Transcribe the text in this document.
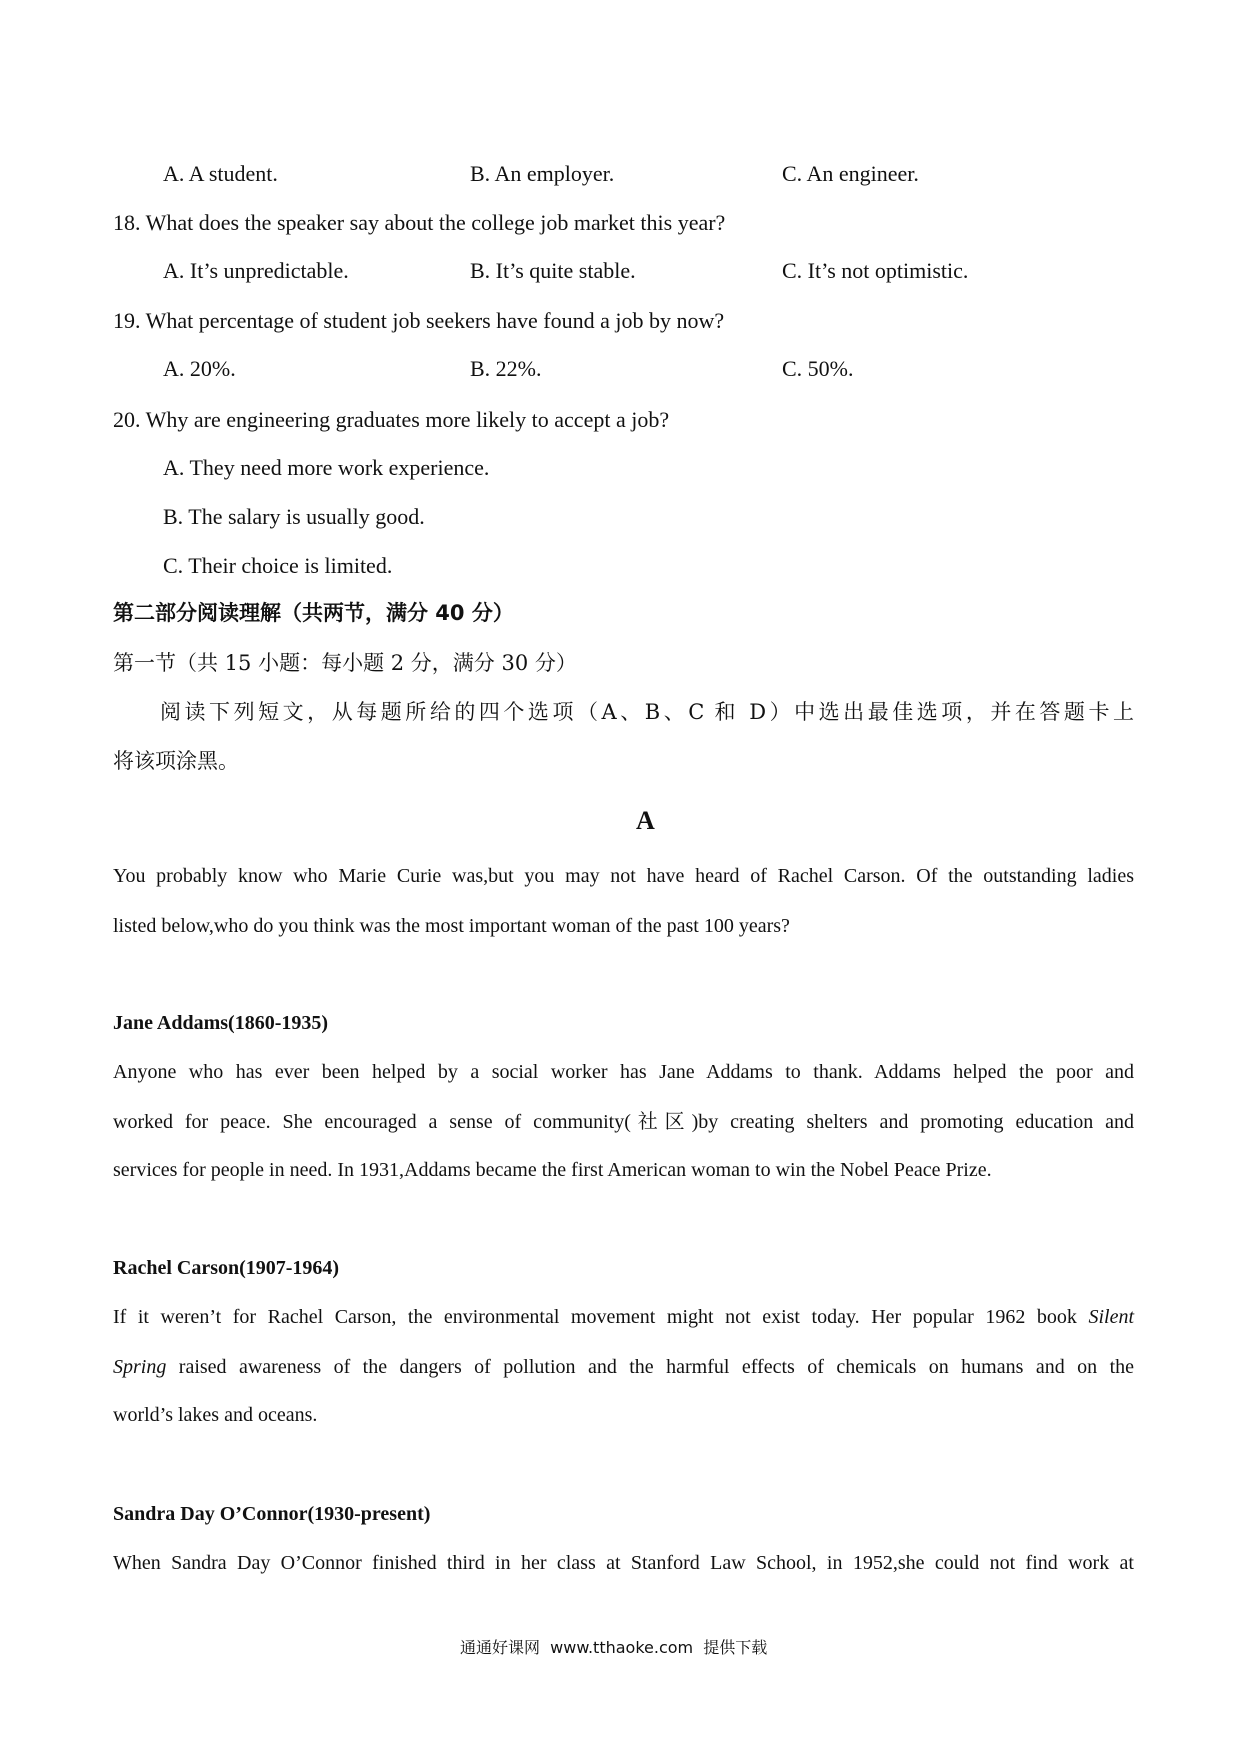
A. A student.	B. An employer.	C. An engineer.
18. What does the speaker say about the college job market this year?
A. It’s unpredictable.	B. It’s quite stable.	C. It’s not optimistic.
19. What percentage of student job seekers have found a job by now?
A. 20%.	B. 22%.	C. 50%.
20. Why are engineering graduates more likely to accept a job?
A. They need more work experience.
B. The salary is usually good.
C. Their choice is limited.
第二部分阅读理解（共两节，满分 40 分）
第一节（共 15 小题：每小题 2 分，满分 30 分）
阅读下列短文，从每题所给的四个选项（A、B、C 和 D）中选出最佳选项，并在答题卡上
将该项涂黑。
A
You probably know who Marie Curie was,but you may not have heard of Rachel Carson. Of the outstanding ladies
listed below,who do you think was the most important woman of the past 100 years?
Jane Addams(1860-1935)
Anyone who has ever been helped by a social worker has Jane Addams to thank. Addams helped the poor and
worked for peace. She encouraged a sense of community(社区)by creating shelters and promoting education and
services for people in need. In 1931,Addams became the first American woman to win the Nobel Peace Prize.
Rachel Carson(1907-1964)
If it weren’t for Rachel Carson, the environmental movement might not exist today. Her popular 1962 book Silent
Spring raised awareness of the dangers of pollution and the harmful effects of chemicals on humans and on the
world’s lakes and oceans.
Sandra Day O’Connor(1930-present)
When Sandra Day O’Connor finished third in her class at Stanford Law School, in 1952,she could not find work at
通通好课网  www.tthaoke.com  提供下载
